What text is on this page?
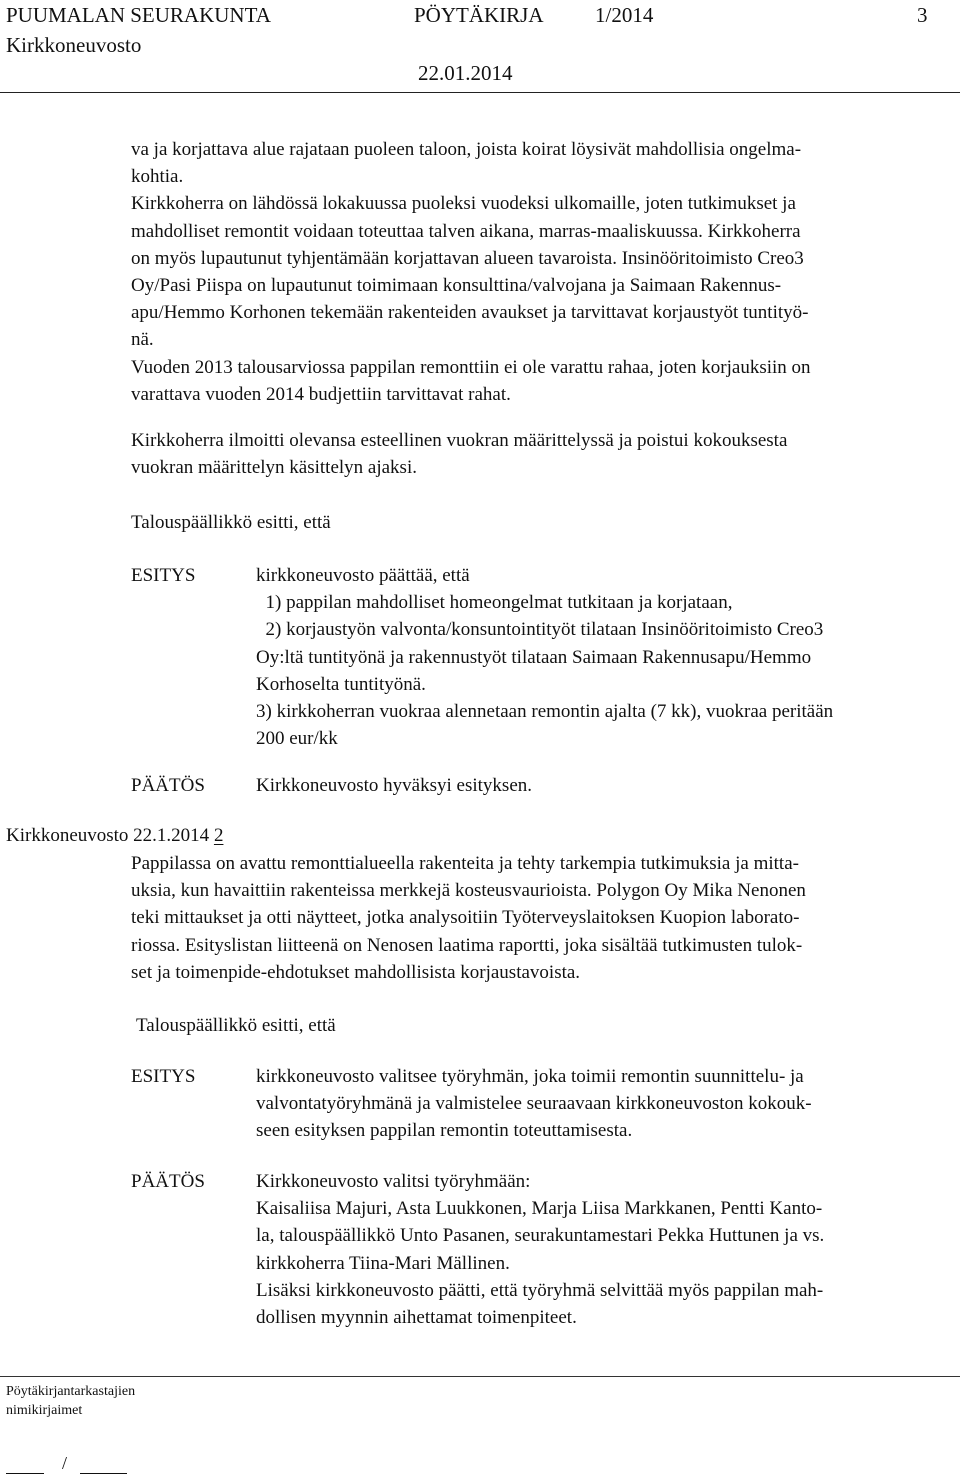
PUUMALAN SEURAKUNTA	PÖYTÄKIRJA 1/2014	3
Kirkkoneuvosto
22.01.2014
va ja korjattava alue rajataan puoleen taloon, joista koirat löysivät mahdollisia ongelma-
kohtia.
Kirkkoherra on lähdössä lokakuussa puoleksi vuodeksi ulkomaille, joten tutkimukset ja
mahdolliset remontit voidaan toteuttaa talven aikana, marras-maaliskuussa. Kirkkoherra
on myös lupautunut tyhjentämään korjattavan alueen tavaroista. Insinööritoimisto Creo3
Oy/Pasi Piispa on lupautunut toimimaan konsulttina/valvojana ja Saimaan Rakennus-
apu/Hemmo Korhonen tekemään rakenteiden avaukset ja tarvittavat korjaustyöt tuntityö-
nä.
Vuoden 2013 talousarviossa pappilan remonttiin ei ole varattu rahaa, joten korjauksiin on
varattava vuoden 2014 budjettiin tarvittavat rahat.
Kirkkoherra ilmoitti olevansa esteellinen vuokran määrittelyssä ja poistui kokouksesta
vuokran määrittelyn käsittelyn ajaksi.
Talouspäällikkö esitti, että
ESITYS	kirkkoneuvosto päättää, että
1) pappilan mahdolliset homeongelmat tutkitaan ja korjataan,
2) korjaustyön valvonta/konsuntointityöt tilataan Insinööritoimisto Creo3
Oy:ltä tuntityönä ja rakennustyöt tilataan Saimaan Rakennusapu/Hemmo
Korhoselta tuntityönä.
3) kirkkoherran vuokraa alennetaan remontin ajalta (7 kk), vuokraa peritään
200 eur/kk
PÄÄTÖS	Kirkkoneuvosto hyväksyi esityksen.
Kirkkoneuvosto 22.1.2014 2
Pappilassa on avattu remonttialueella rakenteita ja tehty tarkempia tutkimuksia ja mitta-
uksia, kun havaittiin rakenteissa merkkejä kosteusvaurioista. Polygon Oy Mika Nenonen
teki mittaukset ja otti näytteet, jotka analysoitiin Työterveyslaitoksen Kuopion laborato-
riossa. Esityslistan liitteenä on Nenosen laatima raportti, joka sisältää tutkimusten tulok-
set ja toimenpide-ehdotukset mahdollisista korjaustavoista.
Talouspäällikkö esitti, että
ESITYS	kirkkoneuvosto valitsee työryhmän, joka toimii remontin suunnittelu- ja
valvontatyöryhmänä ja valmistelee seuraavaan kirkkoneuvoston kokouk-
seen esityksen pappilan remontin toteuttamisesta.
PÄÄTÖS	Kirkkoneuvosto valitsi työryhmään:
Kaisaliisa Majuri, Asta Luukkonen, Marja Liisa Markkanen, Pentti Kanto-
la, talouspäällikkö Unto Pasanen, seurakuntamestari Pekka Huttunen ja vs.
kirkkoherra Tiina-Mari Mällinen.
Lisäksi kirkkoneuvosto päätti, että työryhmä selvittää myös pappilan mah-
dollisen myynnin aihettamat toimenpiteet.
Pöytäkirjantarkastajien
nimikirjaimet
/
